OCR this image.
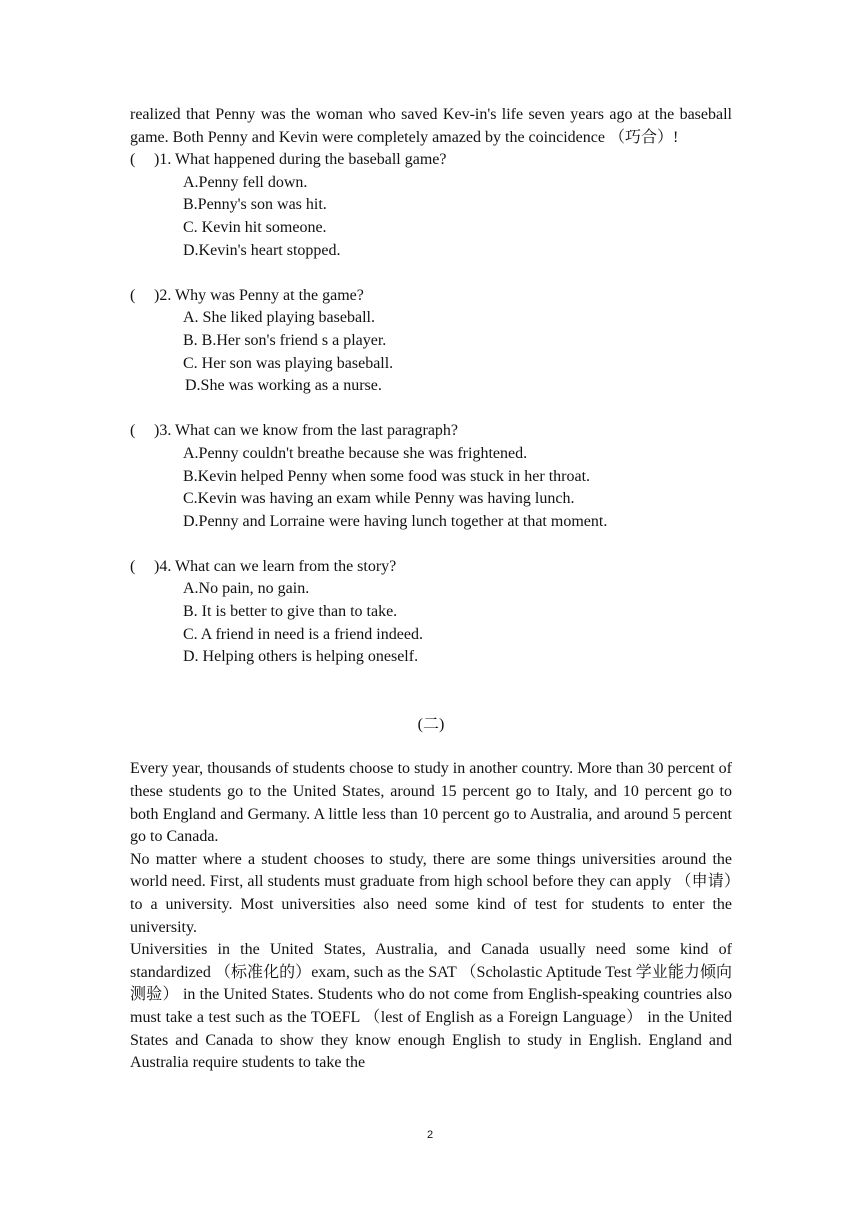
realized that Penny was the woman who saved Kev-in's life seven years ago at the baseball game. Both Penny and Kevin were completely amazed by the coincidence （巧合）!

( )1. What happened during the baseball game?

A.Penny fell down.

B.Penny's son was hit.

C. Kevin hit someone.

D.Kevin's heart stopped.

( )2. Why was Penny at the game?

A. She liked playing baseball.

B. B.Her son's friend s a player.

C. Her son was playing baseball.

D.She was working as a nurse.

( )3. What can we know from the last paragraph?

A.Penny couldn't breathe because she was frightened.

B.Kevin helped Penny when some food was stuck in her throat.

C.Kevin was having an exam while Penny was having lunch.

D.Penny and Lorraine were having lunch together at that moment.

( )4. What can we learn from the story?

A.No pain, no gain.

B. It is better to give than to take.

C. A friend in need is a friend indeed.

D. Helping others is helping oneself.

(二)

Every year, thousands of students choose to study in another country. More than 30 percent of these students go to the United States, around 15 percent go to Italy, and 10 percent go to both England and Germany. A little less than 10 percent go to Australia, and around 5 percent go to Canada.

No matter where a student chooses to study, there are some things universities around the world need. First, all students must graduate from high school before they can apply （申请）to a university. Most universities also need some kind of test for students to enter the university.

Universities in the United States, Australia, and Canada usually need some kind of standardized （标准化的）exam, such as the SAT （Scholastic Aptitude Test 学业能力倾向测验） in the United States. Students who do not come from English-speaking countries also must take a test such as the TOEFL （lest of English as a Foreign Language） in the United States and Canada to show they know enough English to study in English. England and Australia require students to take the

2
